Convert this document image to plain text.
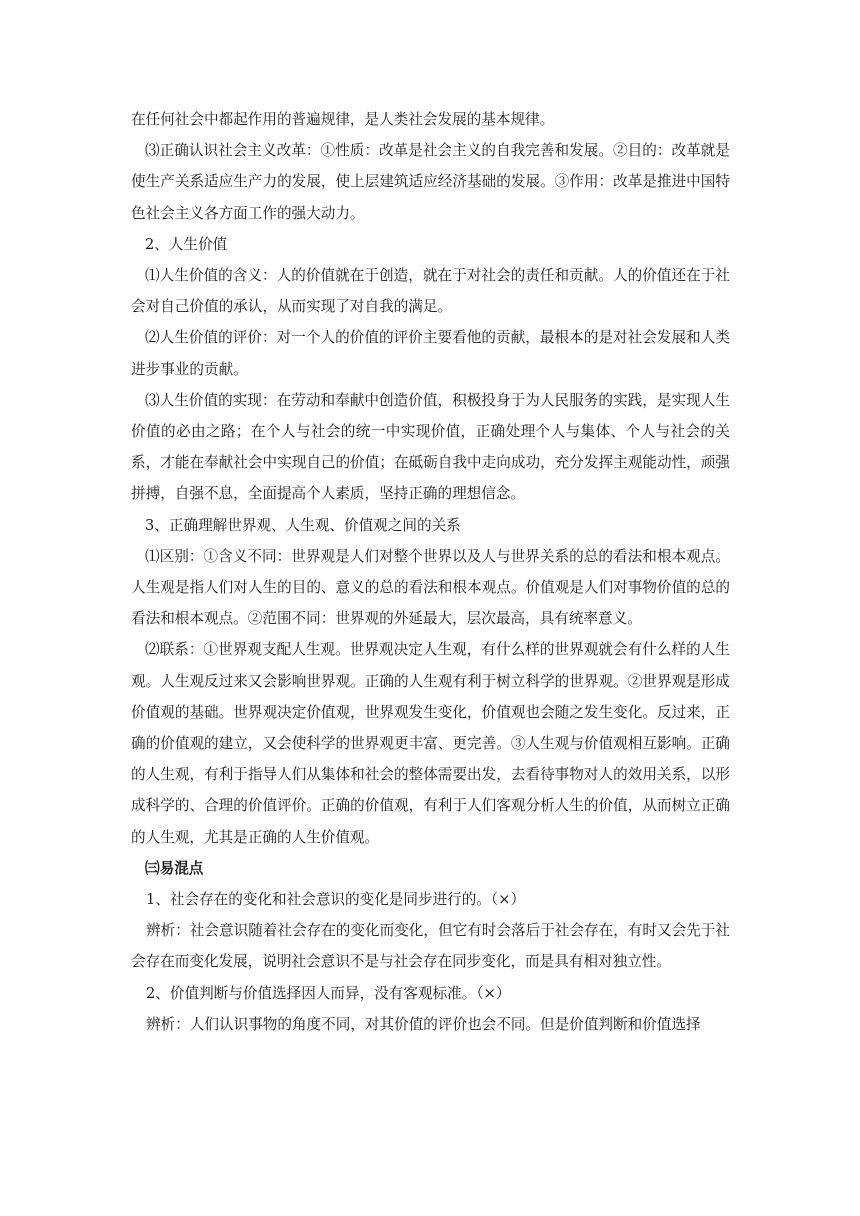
在任何社会中都起作用的普遍规律，是人类社会发展的基本规律。

⑶正确认识社会主义改革：①性质：改革是社会主义的自我完善和发展。②目的：改革就是使生产关系适应生产力的发展，使上层建筑适应经济基础的发展。③作用：改革是推进中国特色社会主义各方面工作的强大动力。

2、人生价值

⑴人生价值的含义：人的价值就在于创造，就在于对社会的责任和贡献。人的价值还在于社会对自己价值的承认，从而实现了对自我的满足。

⑵人生价值的评价：对一个人的价值的评价主要看他的贡献，最根本的是对社会发展和人类进步事业的贡献。

⑶人生价值的实现：在劳动和奉献中创造价值，积极投身于为人民服务的实践，是实现人生价值的必由之路；在个人与社会的统一中实现价值，正确处理个人与集体、个人与社会的关系，才能在奉献社会中实现自己的价值；在砥砺自我中走向成功，充分发挥主观能动性，顽强拼搏，自强不息，全面提高个人素质，坚持正确的理想信念。

3、正确理解世界观、人生观、价值观之间的关系

⑴区别：①含义不同：世界观是人们对整个世界以及人与世界关系的总的看法和根本观点。人生观是指人们对人生的目的、意义的总的看法和根本观点。价值观是人们对事物价值的总的看法和根本观点。②范围不同：世界观的外延最大，层次最高，具有统率意义。

⑵联系：①世界观支配人生观。世界观决定人生观，有什么样的世界观就会有什么样的人生观。人生观反过来又会影响世界观。正确的人生观有利于树立科学的世界观。②世界观是形成价值观的基础。世界观决定价值观，世界观发生变化，价值观也会随之发生变化。反过来，正确的价值观的建立，又会使科学的世界观更丰富、更完善。③人生观与价值观相互影响。正确的人生观，有利于指导人们从集体和社会的整体需要出发，去看待事物对人的效用关系，以形成科学的、合理的价值评价。正确的价值观，有利于人们客观分析人生的价值，从而树立正确的人生观，尤其是正确的人生价值观。

㈢易混点

1、社会存在的变化和社会意识的变化是同步进行的。（×）

辨析：社会意识随着社会存在的变化而变化，但它有时会落后于社会存在，有时又会先于社会存在而变化发展，说明社会意识不是与社会存在同步变化，而是具有相对独立性。

2、价值判断与价值选择因人而异，没有客观标准。（×）

辨析：人们认识事物的角度不同，对其价值的评价也会不同。但是价值判断和价值选择
